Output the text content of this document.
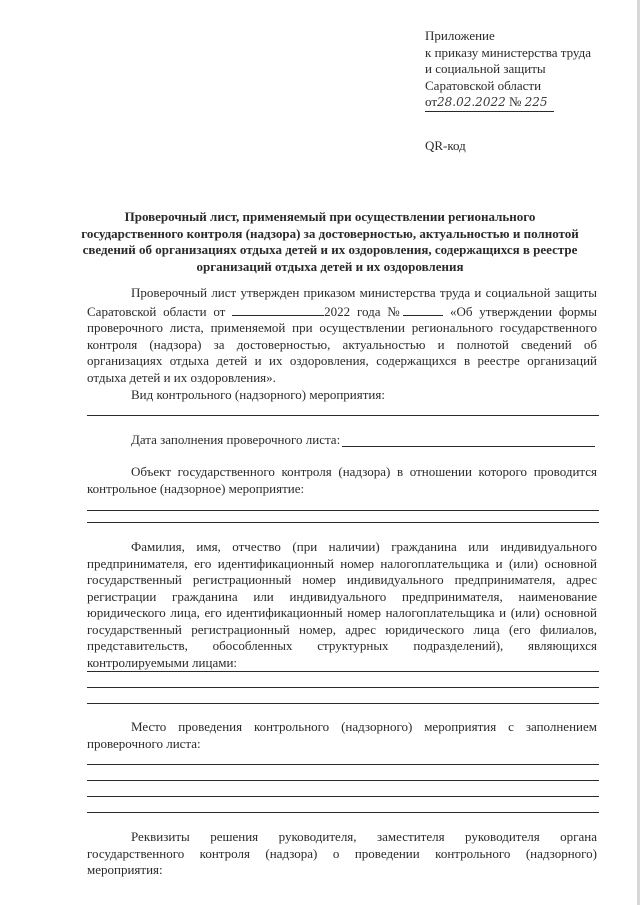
Приложение
к приказу министерства труда
и социальной защиты
Саратовской области
от28.02.2022 № 225
QR-код
Проверочный лист, применяемый при осуществлении регионального государственного контроля (надзора) за достоверностью, актуальностью и полнотой сведений об организациях отдыха детей и их оздоровления, содержащихся в реестре организаций отдыха детей и их оздоровления
Проверочный лист утвержден приказом министерства труда и социальной защиты Саратовской области от	2022 года №	«Об утверждении формы проверочного листа, применяемой при осуществлении регионального государственного контроля (надзора) за достоверностью, актуальностью и полнотой сведений об организациях отдыха детей и их оздоровления, содержащихся в реестре организаций отдыха детей и их оздоровления».
Вид контрольного (надзорного) мероприятия:
Дата заполнения проверочного листа:
Объект государственного контроля (надзора) в отношении которого проводится контрольное (надзорное) мероприятие:
Фамилия, имя, отчество (при наличии) гражданина или индивидуального предпринимателя, его идентификационный номер налогоплательщика и (или) основной государственный регистрационный номер индивидуального предпринимателя, адрес регистрации гражданина или индивидуального предпринимателя, наименование юридического лица, его идентификационный номер налогоплательщика и (или) основной государственный регистрационный номер, адрес юридического лица (его филиалов, представительств, обособленных структурных подразделений), являющихся контролируемыми лицами:
Место проведения контрольного (надзорного) мероприятия с заполнением проверочного листа:
Реквизиты решения руководителя, заместителя руководителя органа государственного контроля (надзора) о проведении контрольного (надзорного) мероприятия:
